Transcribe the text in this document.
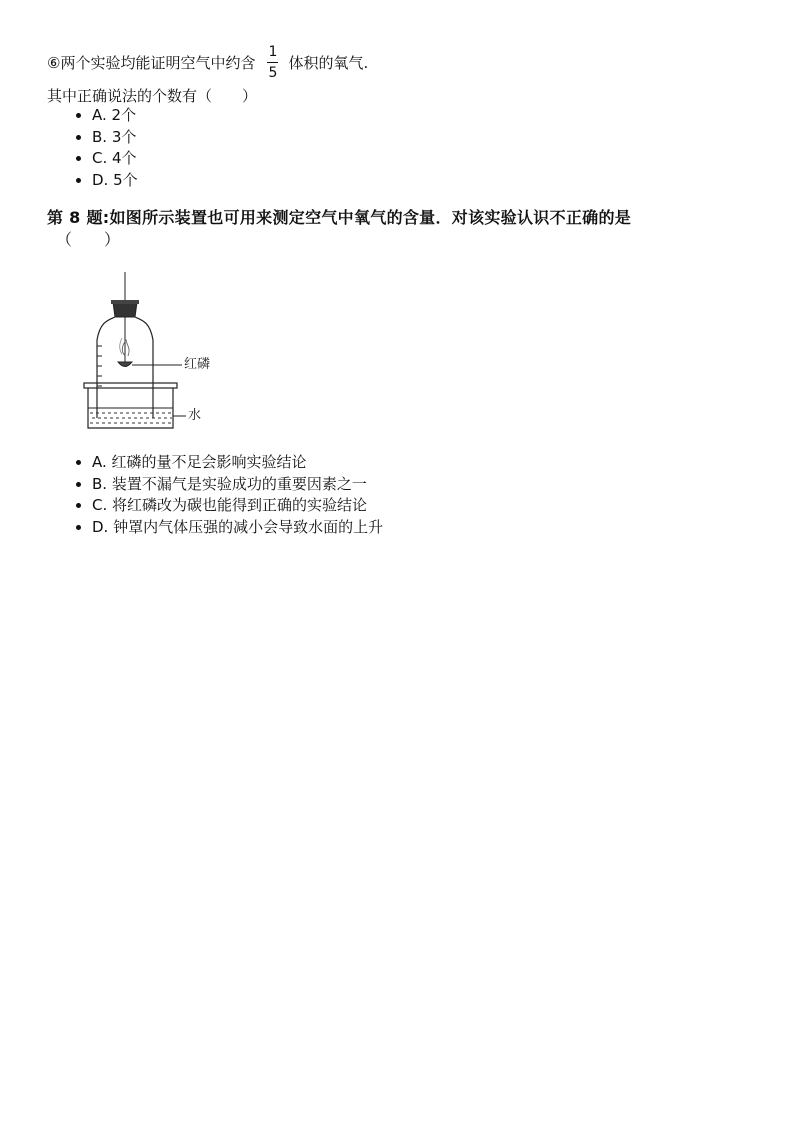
⑥两个实验均能证明空气中约含 $\frac{1}{5}$ 体积的氧气.
其中正确说法的个数有（　　）
• A. 2个
• B. 3个
• C. 4个
• D. 5个
第 8 题:如图所示装置也可用来测定空气中氧气的含量．对该实验认识不正确的是
（　　）
红磷
水
• A. 红磷的量不足会影响实验结论
• B. 装置不漏气是实验成功的重要因素之一
• C. 将红磷改为碳也能得到正确的实验结论
• D. 钟罩内气体压强的减小会导致水面的上升
